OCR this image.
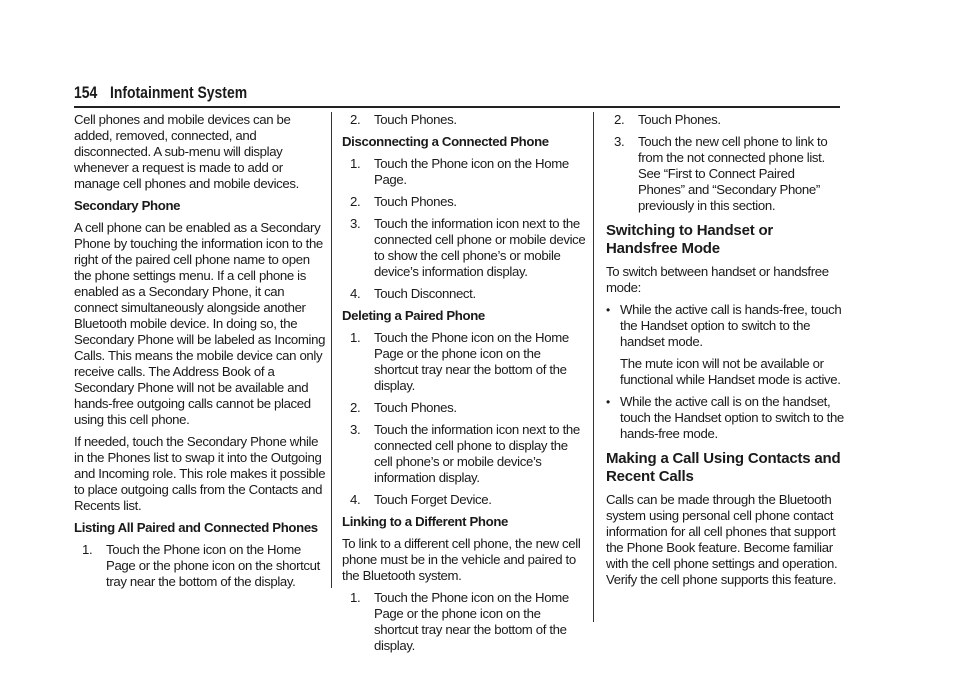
154 Infotainment System

Cell phones and mobile devices can be added, removed, connected, and disconnected. A sub-menu will display whenever a request is made to add or manage cell phones and mobile devices.

Secondary Phone

A cell phone can be enabled as a Secondary Phone by touching the information icon to the right of the paired cell phone name to open the phone settings menu. If a cell phone is enabled as a Secondary Phone, it can connect simultaneously alongside another Bluetooth mobile device. In doing so, the Secondary Phone will be labeled as Incoming Calls. This means the mobile device can only receive calls. The Address Book of a Secondary Phone will not be available and hands-free outgoing calls cannot be placed using this cell phone.

If needed, touch the Secondary Phone while in the Phones list to swap it into the Outgoing and Incoming role. This role makes it possible to place outgoing calls from the Contacts and Recents list.

Listing All Paired and Connected Phones
1. Touch the Phone icon on the Home Page or the phone icon on the shortcut tray near the bottom of the display.
2. Touch Phones.
Disconnecting a Connected Phone
1. Touch the Phone icon on the Home Page.
2. Touch Phones.
3. Touch the information icon next to the connected cell phone or mobile device to show the cell phone’s or mobile device’s information display.
4. Touch Disconnect.
Deleting a Paired Phone
1. Touch the Phone icon on the Home Page or the phone icon on the shortcut tray near the bottom of the display.
2. Touch Phones.
3. Touch the information icon next to the connected cell phone to display the cell phone’s or mobile device’s information display.
4. Touch Forget Device.
Linking to a Different Phone

To link to a different cell phone, the new cell phone must be in the vehicle and paired to the Bluetooth system.

1. Touch the Phone icon on the Home Page or the phone icon on the shortcut tray near the bottom of the display.
2. Touch Phones.
3. Touch the new cell phone to link to from the not connected phone list. See “First to Connect Paired Phones” and “Secondary Phone” previously in this section.
Switching to Handset or Handsfree Mode

To switch between handset or handsfree mode:

• While the active call is hands-free, touch the Handset option to switch to the handset mode.

The mute icon will not be available or functional while Handset mode is active.

• While the active call is on the handset, touch the Handset option to switch to the hands-free mode.
Making a Call Using Contacts and Recent Calls

Calls can be made through the Bluetooth system using personal cell phone contact information for all cell phones that support the Phone Book feature. Become familiar with the cell phone settings and operation. Verify the cell phone supports this feature.
